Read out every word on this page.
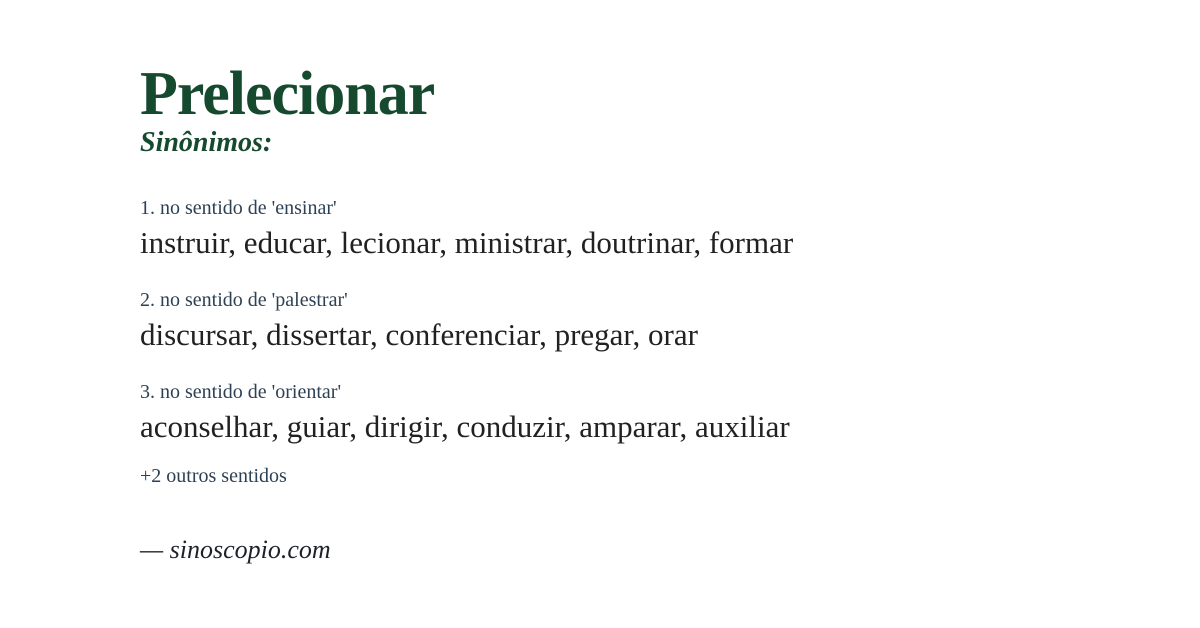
Prelecionar
Sinônimos:
1. no sentido de 'ensinar'
instruir, educar, lecionar, ministrar, doutrinar, formar
2. no sentido de 'palestrar'
discursar, dissertar, conferenciar, pregar, orar
3. no sentido de 'orientar'
aconselhar, guiar, dirigir, conduzir, amparar, auxiliar
+2 outros sentidos
— sinoscopio.com
